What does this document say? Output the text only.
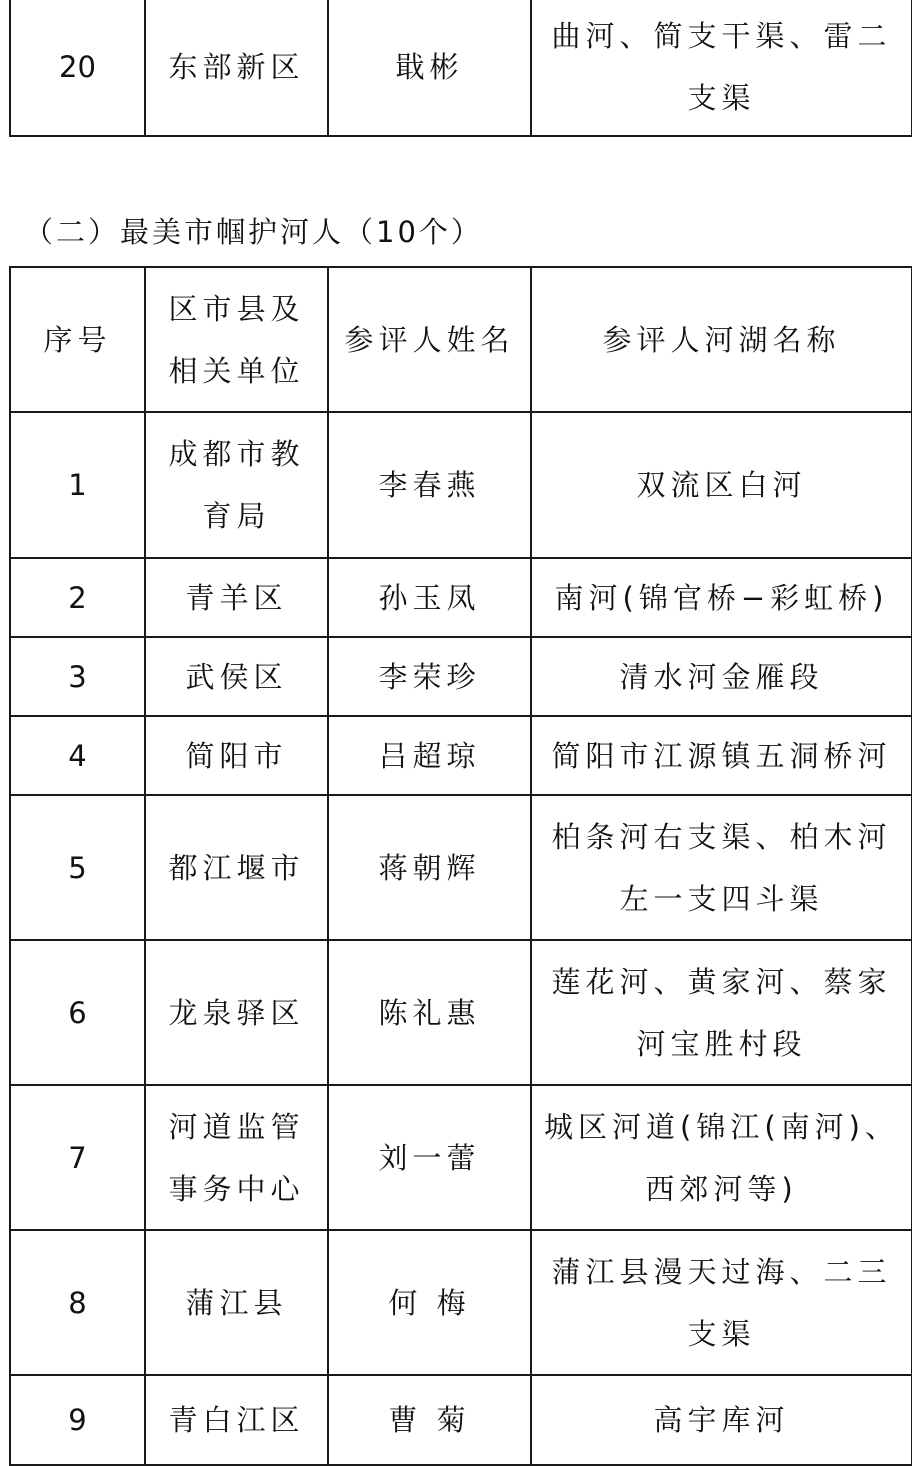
20	东部新区	戢彬	曲河、简支干渠、雷二支渠
（二）最美市帼护河人（10个）
序号	区市县及相关单位	参评人姓名	参评人河湖名称
1	成都市教育局	李春燕	双流区白河
2	青羊区	孙玉凤	南河(锦官桥−彩虹桥)
3	武侯区	李荣珍	清水河金雁段
4	简阳市	吕超琼	简阳市江源镇五洞桥河
5	都江堰市	蒋朝辉	柏条河右支渠、柏木河左一支四斗渠
6	龙泉驿区	陈礼惠	莲花河、黄家河、蔡家河宝胜村段
7	河道监管事务中心	刘一蕾	城区河道(锦江(南河)、西郊河等)
8	蒲江县	何 梅	蒲江县漫天过海、二三支渠
9	青白江区	曹 菊	高宇库河
